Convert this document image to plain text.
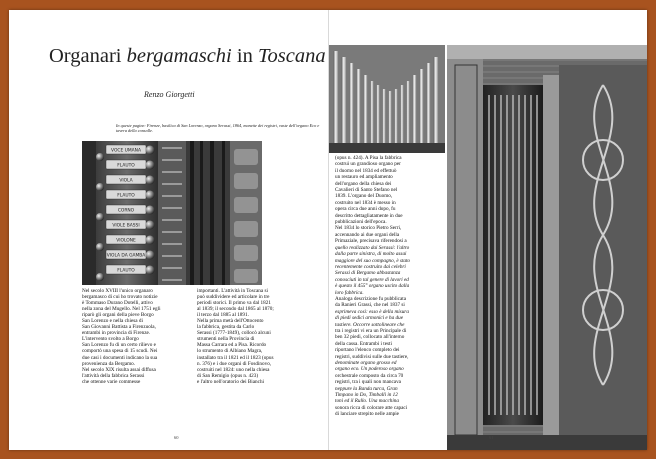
Organari bergamaschi in Toscana
Renzo Giorgetti
In queste pagine: Firenze, basilica di San Lorenzo, organo Serassi, 1864, manette dei registri, vaste dell'organo Eco e tavera della consolle.
VOCE UMANA
FLAUTO
VIOLA
FLAUTO
CORNO
VIOLE BASSI
VIOLONE
VIOLA DA GAMBA
FLAUTO

Nel secolo XVIII l'unico organaro

bergamasco di cui ho trovato notizie

è Tommaso Durano Dotelli, attivo

nella zona del Mugello. Nel 1751 egli

riparò gli organi della pieve Borgo

San Lorenzo e nella chiesa di

San Giovanni Battista a Firenzuola,

entrambi in provincia di Firenze.

L'intervento svolto a Borgo

San Lorenzo fu di un certo rilievo e

comportò una spesa di 15 scudi. Nei

due casi i documenti indicano la sua

provenienza da Bergamo.

Nel secolo XIX risulta assai diffusa

l'attività della fabbrica Serassi

che ottenne varie commesse

importanti. L'attività in Toscana si

può suddividere ed articolare in tre

periodi storici. Il primo va dal 1821

al 1839; il secondo dal 1865 al 1870;

il terzo dal 1885 al 1891.

Nella prima metà dell'Ottocento

la fabbrica, gestita da Carlo

Serassi (1777-1849), collocò alcuni

strumenti nella Provincia di

Massa Carrara ed a Pisa. Ricordo

lo strumento di Albiano Magra,

installato tra il 1821 ed il 1823 (opus

n. 376) e i due organi di Fosdinovo,

costruiti nel 1824: uno nella chiesa

di San Remigio (opus n. 423)

e l'altro nell'oratorio dei Bianchi

60

(opus n. 424). A Pisa la fabbrica

costruì un grandioso organo per

il duomo nel 1834 ed effettuò

un restauro ed ampliamento

dell'organo della chiesa dei

Cavalieri di Santo Stefano nel

1839. L'organo del Duomo,

costruito nel 1834 è messo in

opera circa due anni dopo, fu

descritto dettagliatamente in due

pubblicazioni dell'epoca.

Nel 1834 lo storico Pietro Serri,

accennando ai due organi della

Primaziale, precisava riferendosi a

quello realizzato dai Serassi: l'altro

dalla parte sinistra, di molto assai

maggiore del suo compagno, è stato

recentemente costruito dai celebri

Serassi di Bergamo abbastanza

conosciuti in tal genere di lavori ed

è questo il 455° organo uscito dalla

loro fabbrica.

Analoga descrizione fu pubblicata

da Ranieri Grassi, che nel 1837 si

esprimeva così: esso è della misura

di piedi sedici armonici e ha due

tastiere. Occorre sottolineare che

tra i registri vi era un Principale di

ben 32 piedi, collocato all'interno

della cassa. Entrambi i testi

riportano l'elenco completo dei

registri, suddivisi sulle due tastiere,

denominate organo grosso ed

organo eco. Un poderoso organo

orchestrale composto da circa 70

registri, tra i quali non mancava

neppure la Banda turca, Gran

Timpano in Do, Timballi in 12

toni ed il Rullo. Una macchina

sonora ricca di colorare atte capaci

di lanciare strepito nelle ampie

61
